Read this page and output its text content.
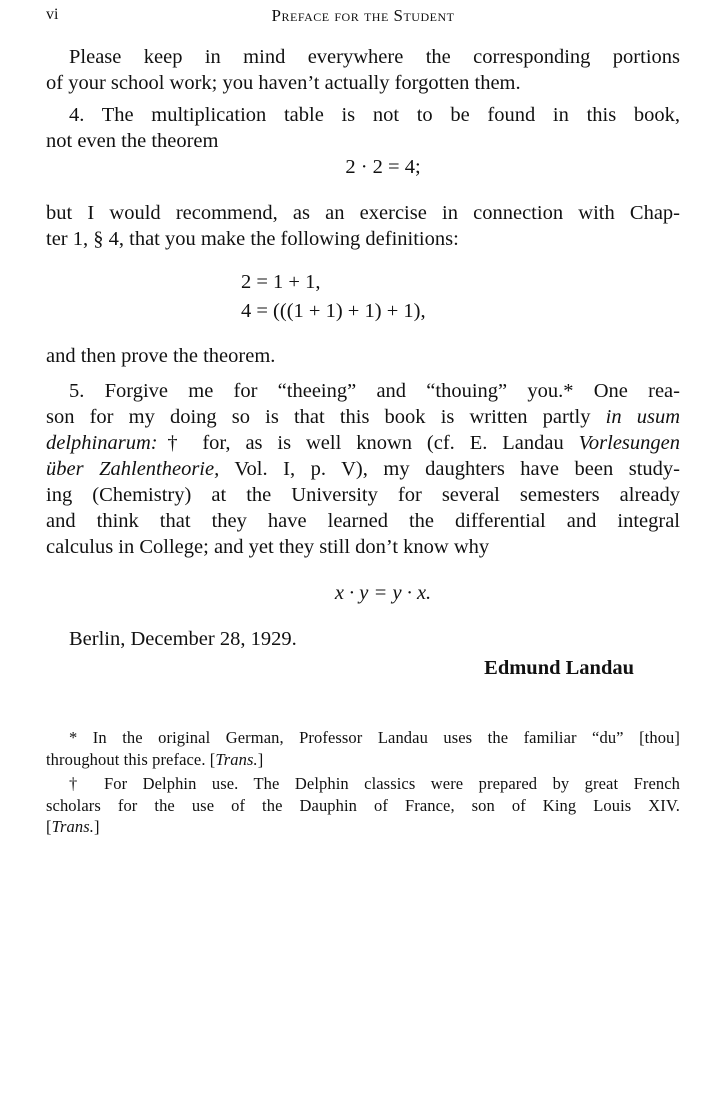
vi	Preface for the Student
Please keep in mind everywhere the corresponding portions
of your school work; you haven’t actually forgotten them.
4. The multiplication table is not to be found in this book,
not even the theorem
2 · 2 = 4;
but I would recommend, as an exercise in connection with Chap-
ter 1, § 4, that you make the following definitions:
2 = 1 + 1,
4 = (((1 + 1) + 1) + 1),
and then prove the theorem.
5. Forgive me for “theeing” and “thouing” you.* One rea-
son for my doing so is that this book is written partly in usum
delphinarum:† for, as is well known (cf. E. Landau Vorlesungen
über Zahlentheorie, Vol. I, p. V), my daughters have been study-
ing (Chemistry) at the University for several semesters already
and think that they have learned the differential and integral
calculus in College; and yet they still don’t know why
x · y = y · x.
Berlin, December 28, 1929.
Edmund Landau
* In the original German, Professor Landau uses the familiar “du” [thou]
throughout this preface. [Trans.]
† For Delphin use. The Delphin classics were prepared by great French
scholars for the use of the Dauphin of France, son of King Louis XIV.
[Trans.]
